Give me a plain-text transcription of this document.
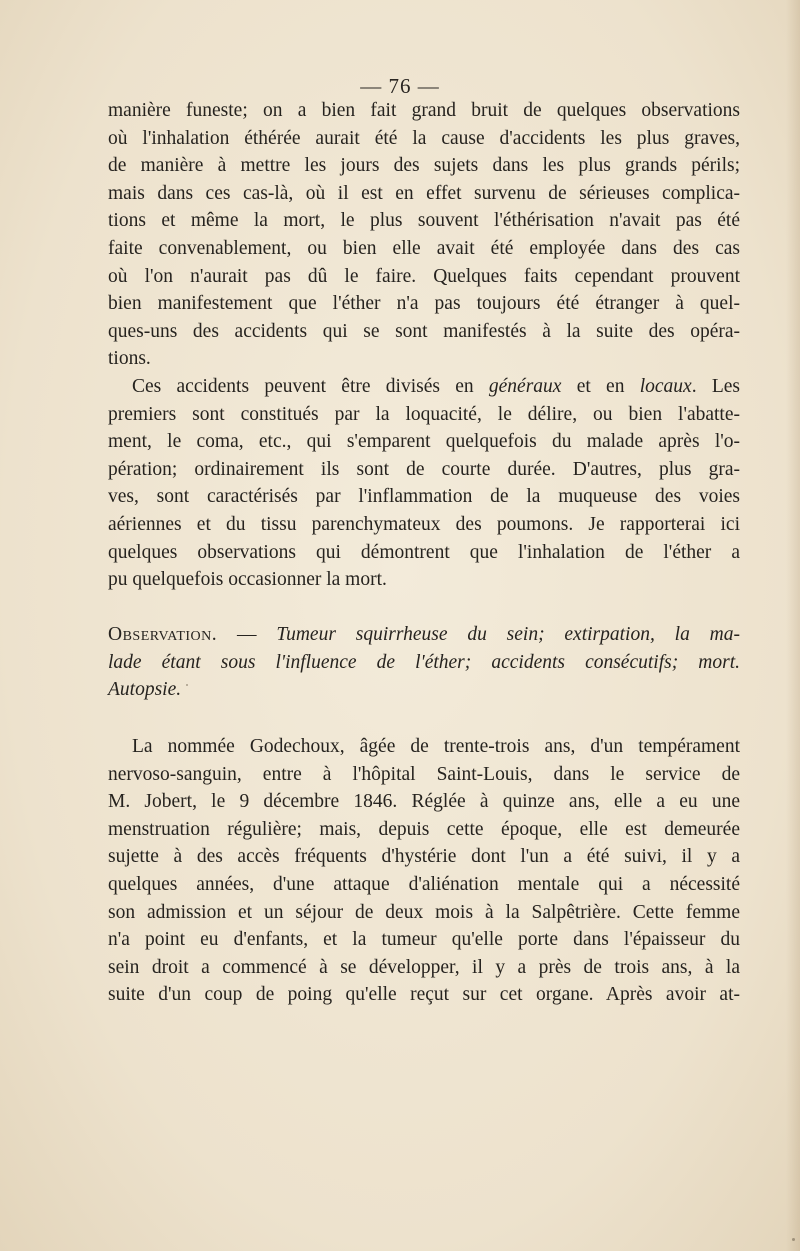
— 76 —
manière funeste; on a bien fait grand bruit de quelques observations
où l'inhalation éthérée aurait été la cause d'accidents les plus graves,
de manière à mettre les jours des sujets dans les plus grands périls;
mais dans ces cas-là, où il est en effet survenu de sérieuses complica-
tions et même la mort, le plus souvent l'éthérisation n'avait pas été
faite convenablement, ou bien elle avait été employée dans des cas
où l'on n'aurait pas dû le faire. Quelques faits cependant prouvent
bien manifestement que l'éther n'a pas toujours été étranger à quel-
ques-uns des accidents qui se sont manifestés à la suite des opéra-
tions.
Ces accidents peuvent être divisés en généraux et en locaux. Les
premiers sont constitués par la loquacité, le délire, ou bien l'abatte-
ment, le coma, etc., qui s'emparent quelquefois du malade après l'o-
pération; ordinairement ils sont de courte durée. D'autres, plus gra-
ves, sont caractérisés par l'inflammation de la muqueuse des voies
aériennes et du tissu parenchymateux des poumons. Je rapporterai ici
quelques observations qui démontrent que l'inhalation de l'éther a
pu quelquefois occasionner la mort.
Observation. — Tumeur squirrheuse du sein; extirpation, la ma-
lade étant sous l'influence de l'éther; accidents consécutifs; mort.
Autopsie.
La nommée Godechoux, âgée de trente-trois ans, d'un tempérament
nervoso-sanguin, entre à l'hôpital Saint-Louis, dans le service de
M. Jobert, le 9 décembre 1846. Réglée à quinze ans, elle a eu une
menstruation régulière; mais, depuis cette époque, elle est demeurée
sujette à des accès fréquents d'hystérie dont l'un a été suivi, il y a
quelques années, d'une attaque d'aliénation mentale qui a nécessité
son admission et un séjour de deux mois à la Salpêtrière. Cette femme
n'a point eu d'enfants, et la tumeur qu'elle porte dans l'épaisseur du
sein droit a commencé à se développer, il y a près de trois ans, à la
suite d'un coup de poing qu'elle reçut sur cet organe. Après avoir at-
